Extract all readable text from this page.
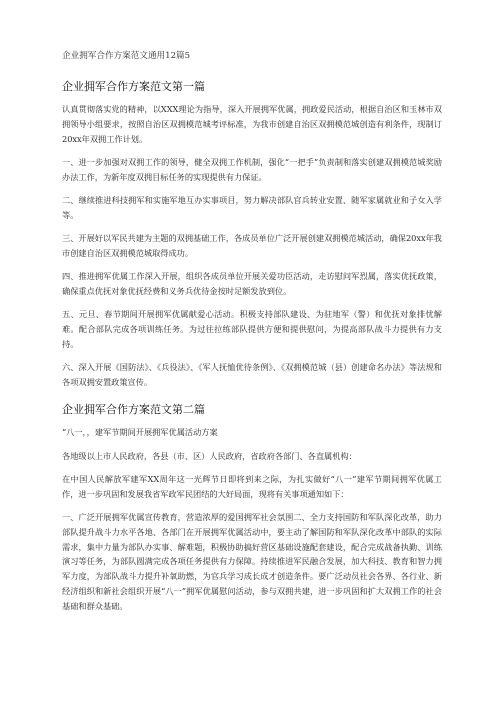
企业拥军合作方案范文通用12篇5
企业拥军合作方案范文第一篇

认真贯彻落实党的精神，以XXX理论为指导，深入开展拥军优属，拥政爱民活动，根据自治区和玉林市双拥领导小组要求，按照自治区双拥模范城考评标准，为我市创建自治区双拥模范城创造有利条件，现制订20xx年双拥工作计划。

一、进一步加强对双拥工作的领导，健全双拥工作机制，强化“一把手”负责制和落实创建双拥模范城奖励办法工作，为新年度双拥目标任务的实现提供有力保证。

二、继续推进科技拥军和实施军地互办实事项目，努力解决部队官兵转业安置、随军家属就业和子女入学等。

三、开展好以军民共建为主题的双拥基础工作，各成员单位广泛开展创建双拥模范城活动，确保20xx年我市创建自治区双拥模范城取得成功。

四、推进拥军优属工作深入开展，组织各成员单位开展关爱功臣活动，走访慰问军烈属，落实优抚政策，确保重点优抚对象优抚经费和义务兵优待金按时足额发放到位。

五、元旦、春节期间开展拥军优属献爱心活动。积极支持部队建设、为驻地军（警）和优抚对象排忧解难。配合部队完成各项训练任务。为过往拉练部队提供方便和提供慰问，为提高部队战斗力提供有力支持。

六、深入开展《国防法》、《兵役法》、《军人抚恤优待条例》、《双拥模范城（县）创建命名办法》等法规和各项双拥安置政策宣传。

企业拥军合作方案范文第二篇

“八一，，建军节期间开展拥军优属活动方案

各地级以上市人民政府，各县（市、区）人民政府，省政府各部门、各直属机构：

在中国人民解放军建军XX周年这一光辉节日即将到来之际，为扎实做好“八一”建军节期间拥军优属工作，进一步巩固和发展我省军政军民团结的大好局面，现将有关事项通知如下：

一、广泛开展拥军优属宣传教育，营造浓厚的爱国拥军社会氛围二、全力支持国防和军队深化改革，助力部队提升战斗力水平各地、各部门在开展拥军优属活动中，要主动了解国防和军队深化改革中部队的实际需求，集中力量为部队办实事、解难题，积极协助搞好营区基础设施配套建设，配合完成战备执勤、训练演习等任务，为部队圆满完成各项任务提供有力保障。持续推进军民融合发展，加大科技、教育和智力拥军力度，为部队战斗力提升补氧助燃，为官兵学习成长成才创造条件。要广泛动员社会各界、各行业、新经济组织和新社会组织开展“八一”拥军优属慰问活动，参与双拥共建，进一步巩固和扩大双拥工作的社会基础和群众基础。
